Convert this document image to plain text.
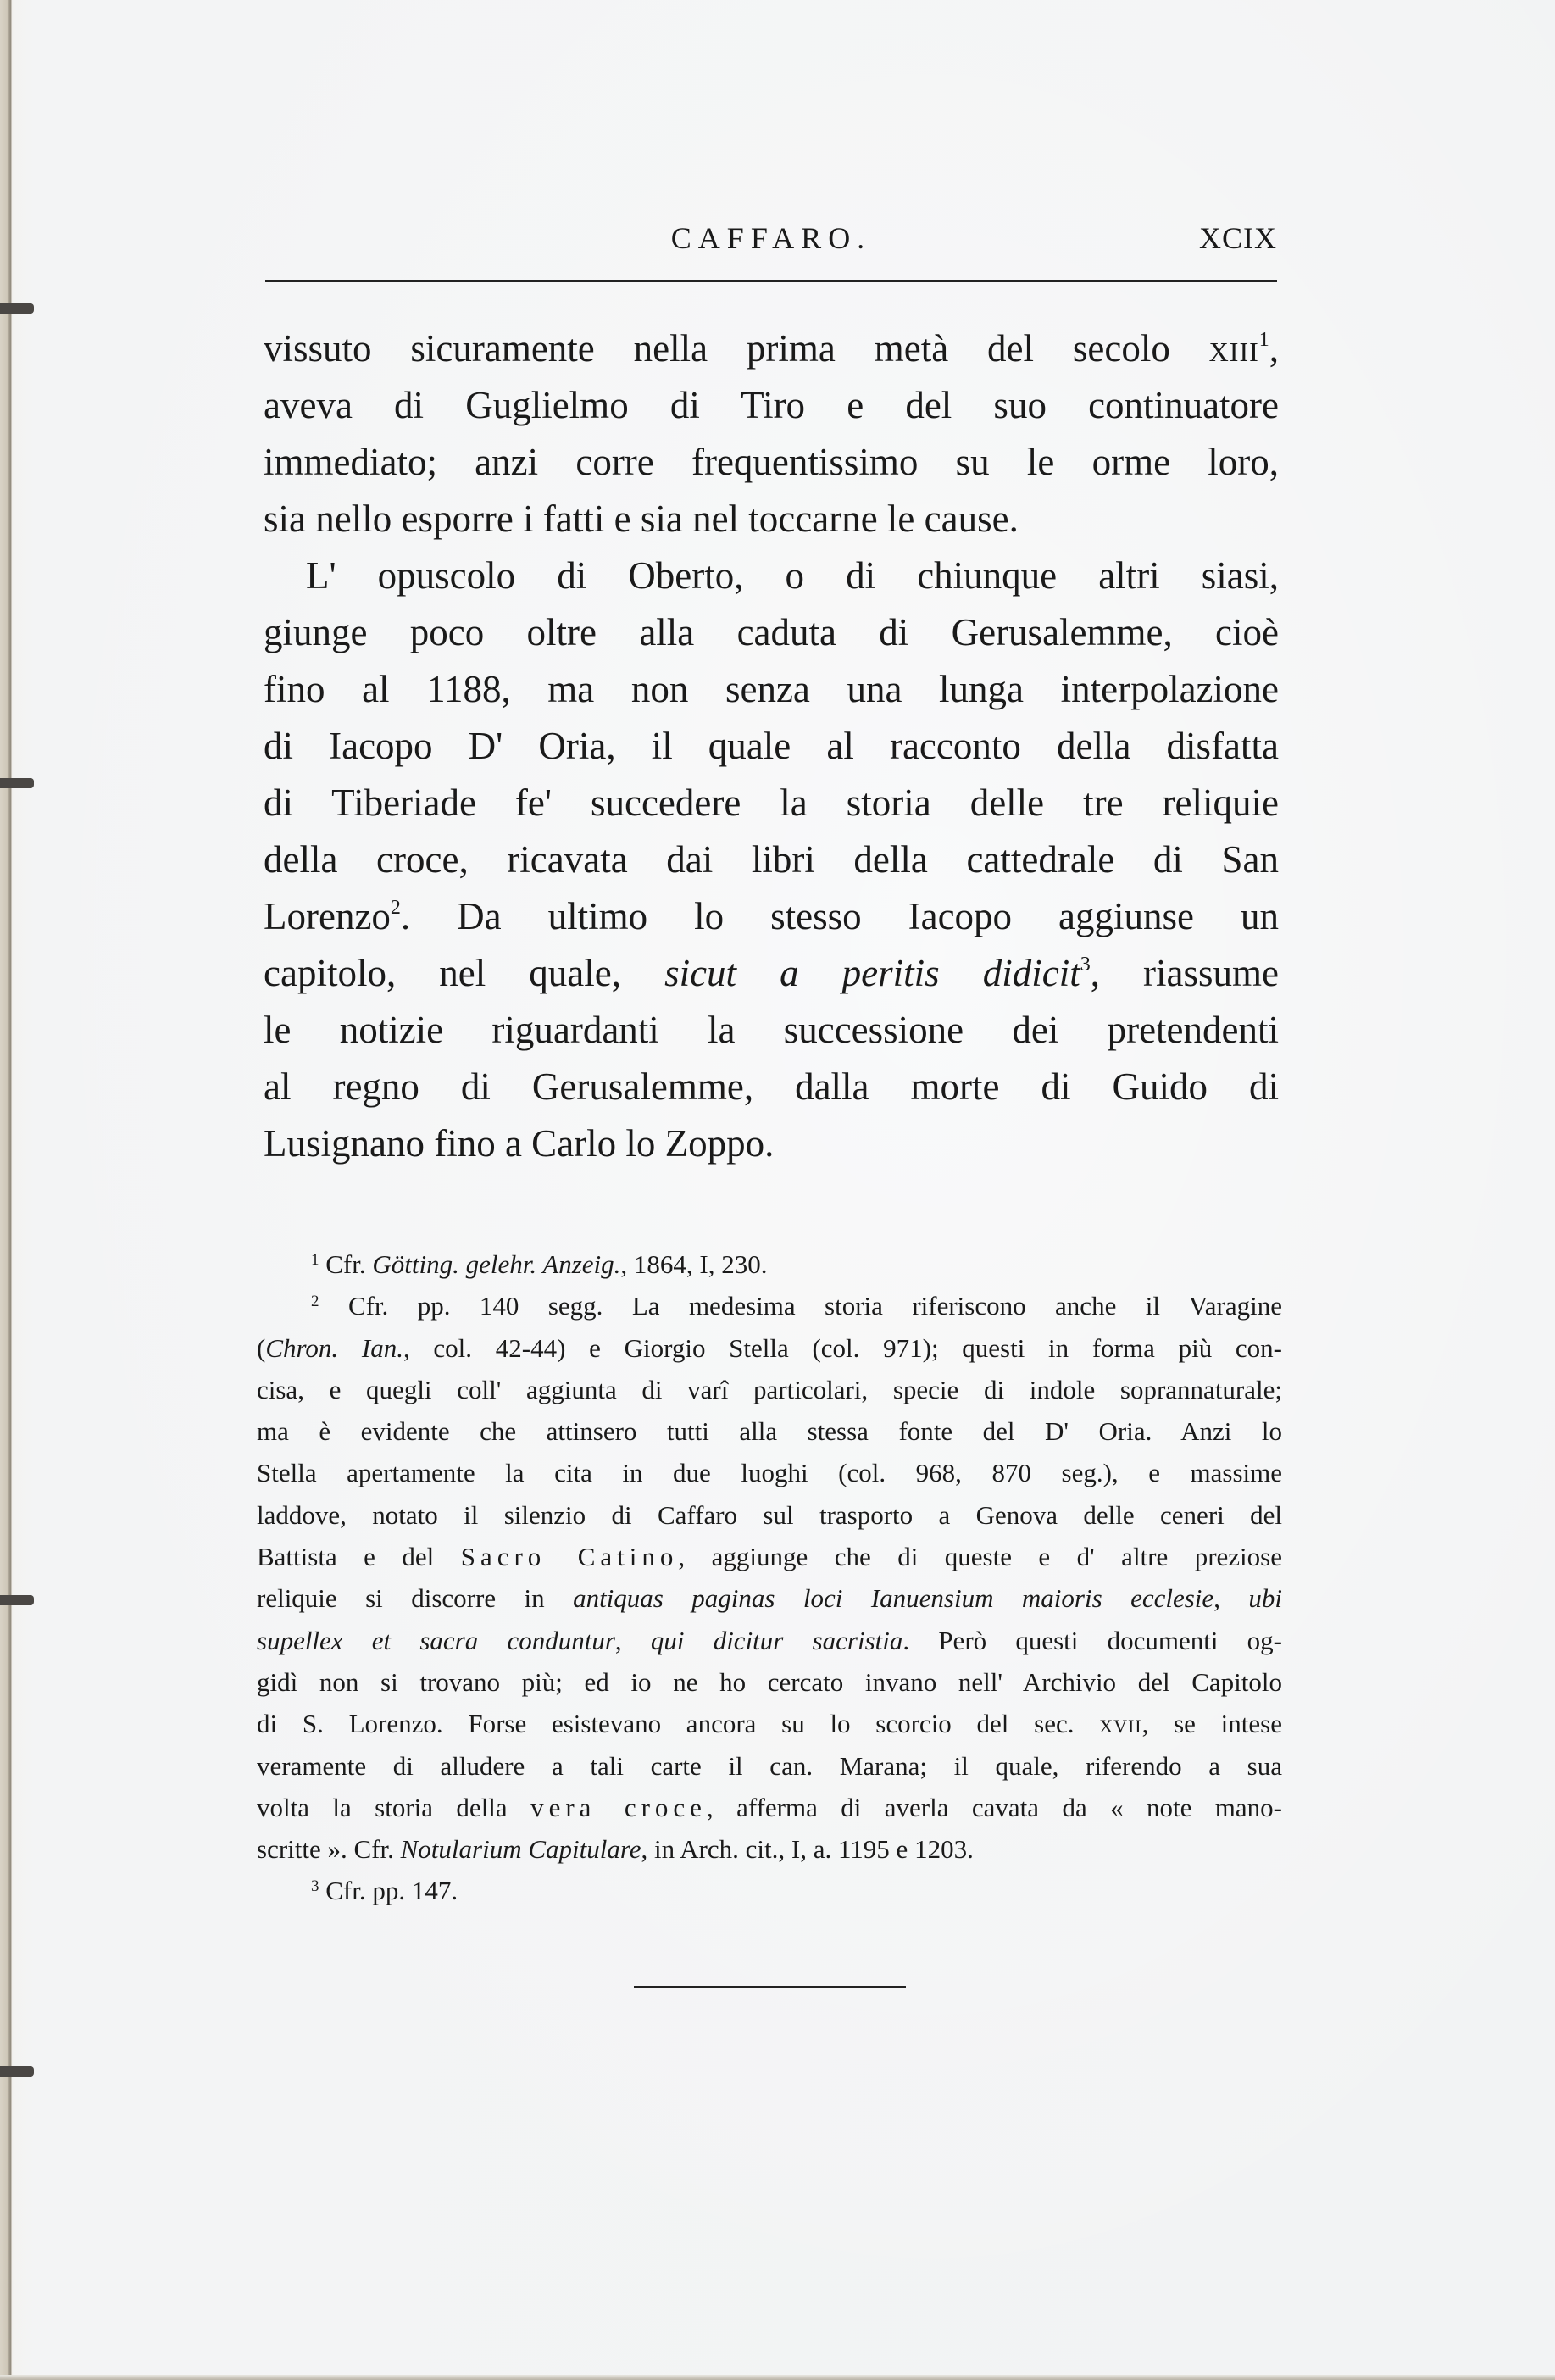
CAFFARO.	XCIX
vissuto sicuramente nella prima metà del secolo xiii$^1$,
aveva di Guglielmo di Tiro e del suo continuatore
immediato; anzi corre frequentissimo su le orme loro,
sia nello esporre i fatti e sia nel toccarne le cause.
L' opuscolo di Oberto, o di chiunque altri siasi,
giunge poco oltre alla caduta di Gerusalemme, cioè
fino al 1188, ma non senza una lunga interpolazione
di Iacopo D' Oria, il quale al racconto della disfatta
di Tiberiade fe' succedere la storia delle tre reliquie
della croce, ricavata dai libri della cattedrale di San
Lorenzo$^2$. Da ultimo lo stesso Iacopo aggiunse un
capitolo, nel quale, sicut a peritis didicit$^3$, riassume
le notizie riguardanti la successione dei pretendenti
al regno di Gerusalemme, dalla morte di Guido di
Lusignano fino a Carlo lo Zoppo.
$^1$ Cfr. Götting. gelehr. Anzeig., 1864, I, 230.
$^2$ Cfr. pp. 140 segg. La medesima storia riferiscono anche il Varagine
(Chron. Ian., col. 42-44) e Giorgio Stella (col. 971); questi in forma più con-
cisa, e quegli coll' aggiunta di varî particolari, specie di indole soprannaturale;
ma è evidente che attinsero tutti alla stessa fonte del D' Oria. Anzi lo
Stella apertamente la cita in due luoghi (col. 968, 870 seg.), e massime
laddove, notato il silenzio di Caffaro sul trasporto a Genova delle ceneri del
Battista e del Sacro Catino, aggiunge che di queste e d' altre preziose
reliquie si discorre in antiquas paginas loci Ianuensium maioris ecclesie, ubi
supellex et sacra conduntur, qui dicitur sacristia. Però questi documenti og-
gidì non si trovano più; ed io ne ho cercato invano nell' Archivio del Capitolo
di S. Lorenzo. Forse esistevano ancora su lo scorcio del sec. xvii, se intese
veramente di alludere a tali carte il can. Marana; il quale, riferendo a sua
volta la storia della vera croce, afferma di averla cavata da « note mano-
scritte ». Cfr. Notularium Capitulare, in Arch. cit., I, a. 1195 e 1203.
$^3$ Cfr. pp. 147.
